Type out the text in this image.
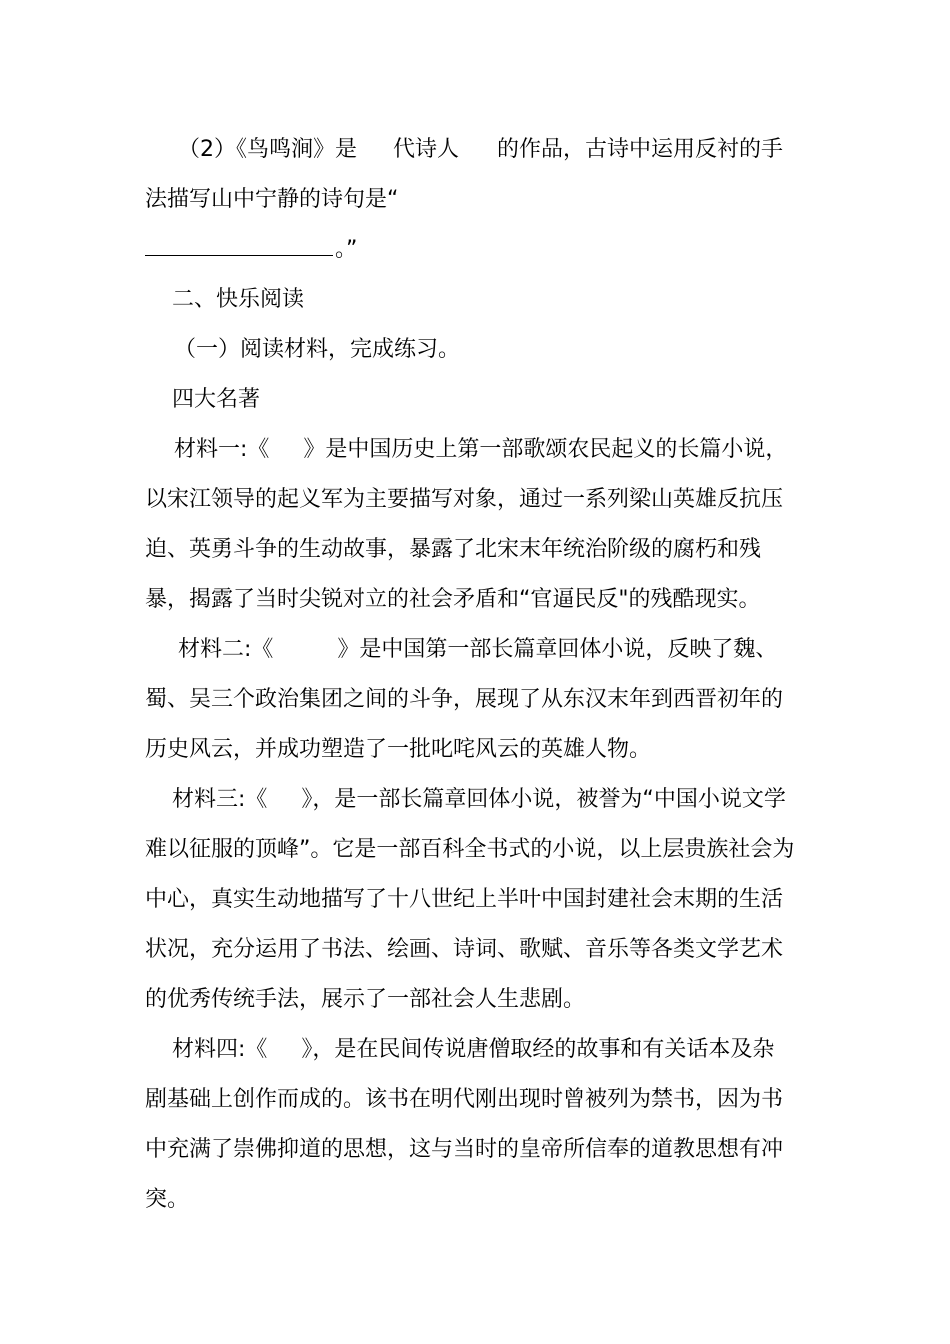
（2）《鸟鸣涧》是 代诗人 的作品，古诗中运用反衬的手
法描写山中宁静的诗句是“
。”
二、快乐阅读
（一）阅读材料，完成练习。
四大名著
材料一:《 》是中国历史上第一部歌颂农民起义的长篇小说，
以宋江领导的起义军为主要描写对象，通过一系列梁山英雄反抗压
迫、英勇斗争的生动故事，暴露了北宋末年统治阶级的腐朽和残
暴，揭露了当时尖锐对立的社会矛盾和“官逼民反"的残酷现实。
材料二:《	》是中国第一部长篇章回体小说，反映了魏、
蜀、吴三个政治集团之间的斗争，展现了从东汉末年到西晋初年的
历史风云，并成功塑造了一批叱咤风云的英雄人物。
材料三:《 》，是一部长篇章回体小说，被誉为“中国小说文学
难以征服的顶峰”。它是一部百科全书式的小说，以上层贵族社会为
中心，真实生动地描写了十八世纪上半叶中国封建社会末期的生活
状况，充分运用了书法、绘画、诗词、歌赋、音乐等各类文学艺术
的优秀传统手法，展示了一部社会人生悲剧。
材料四:《 》，是在民间传说唐僧取经的故事和有关话本及杂
剧基础上创作而成的。该书在明代刚出现时曾被列为禁书，因为书
中充满了崇佛抑道的思想，这与当时的皇帝所信奉的道教思想有冲
突。
